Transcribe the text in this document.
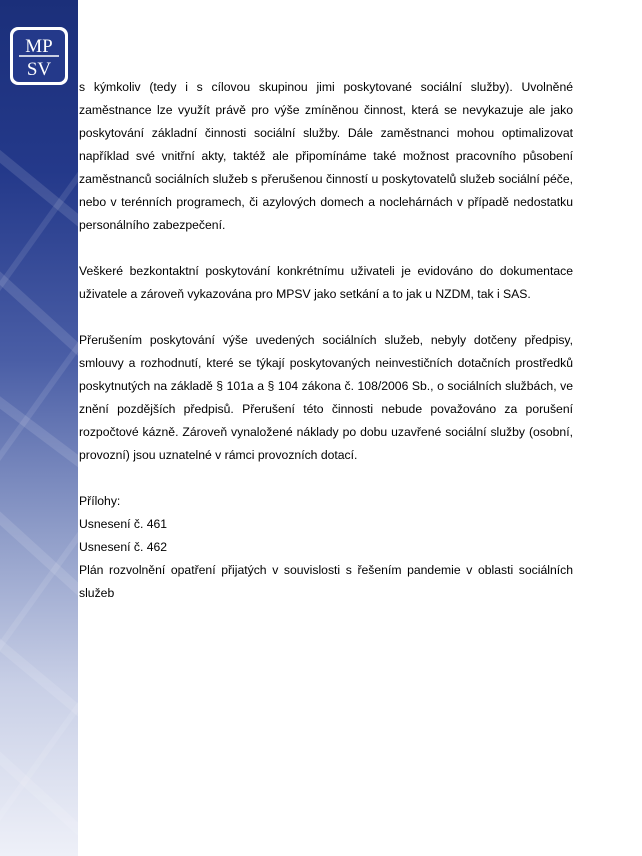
MP
SV

s kýmkoliv (tedy i s cílovou skupinou jimi poskytované sociální služby). Uvolněné zaměstnance lze využít právě pro výše zmíněnou činnost, která se nevykazuje ale jako poskytování základní činnosti sociální služby. Dále zaměstnanci mohou optimalizovat například své vnitřní akty, taktéž ale připomínáme také možnost pracovního působení zaměstnanců sociálních služeb s přerušenou činností u poskytovatelů služeb sociální péče, nebo v terénních programech, či azylových domech a noclehárnách v případě nedostatku personálního zabezpečení.

Veškeré bezkontaktní poskytování konkrétnímu uživateli je evidováno do dokumentace uživatele a zároveň vykazována pro MPSV jako setkání a to jak u NZDM, tak i SAS.

Přerušením poskytování výše uvedených sociálních služeb, nebyly dotčeny předpisy, smlouvy a rozhodnutí, které se týkají poskytovaných neinvestičních dotačních prostředků poskytnutých na základě § 101a a § 104 zákona č. 108/2006 Sb., o sociálních službách, ve znění pozdějších předpisů. Přerušení této činnosti nebude považováno za porušení rozpočtové kázně. Zároveň vynaložené náklady po dobu uzavřené sociální služby (osobní, provozní) jsou uznatelné v rámci provozních dotací.

Přílohy:

Usnesení č. 461

Usnesení č. 462

Plán rozvolnění opatření přijatých v souvislosti s řešením pandemie v oblasti sociálních služeb
